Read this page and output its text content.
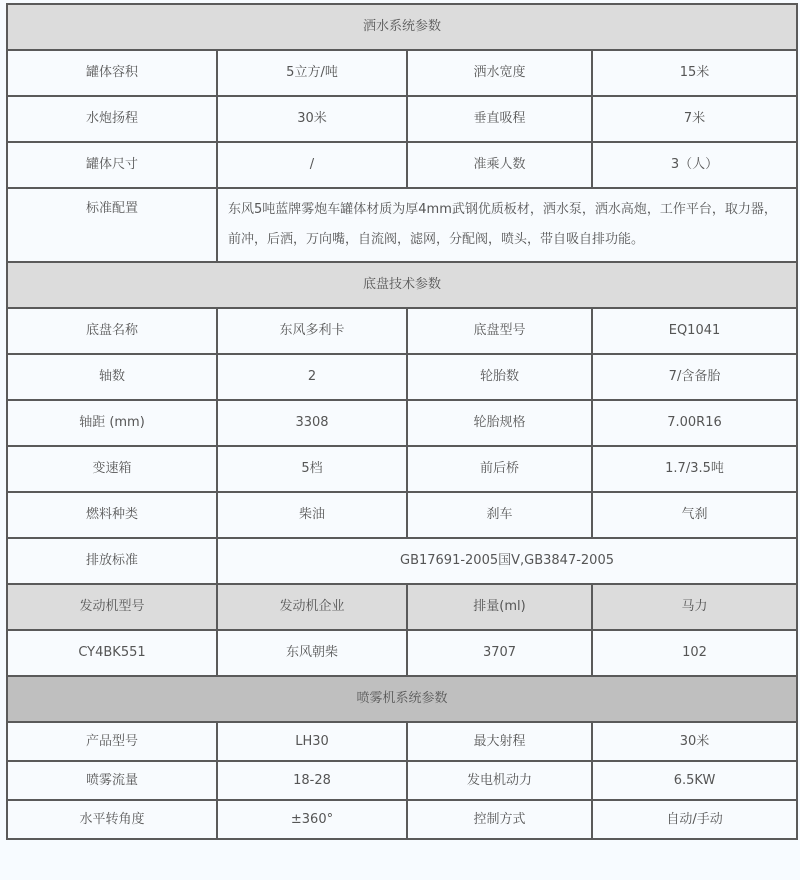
洒水系统参数			
罐体容积	5立方/吨	洒水宽度	15米
水炮扬程	30米	垂直吸程	7米
罐体尺寸	/	准乘人数	3（人）
标准配置	东风5吨蓝牌雾炮车罐体材质为厚4mm武钢优质板材，洒水泵，洒水高炮，工作平台，取力器，前冲，后洒，万向嘴，自流阀，滤网，分配阀，喷头，带自吸自排功能。		
底盘技术参数			
底盘名称	东风多利卡	底盘型号	EQ1041
轴数	2	轮胎数	7/含备胎
轴距 (mm)	3308	轮胎规格	7.00R16
变速箱	5档	前后桥	1.7/3.5吨
燃料种类	柴油	刹车	气刹
排放标准	GB17691-2005国Ⅴ,GB3847-2005		
发动机型号	发动机企业	排量(ml)	马力
CY4BK551	东风朝柴	3707	102
喷雾机系统参数			
产品型号	LH30	最大射程	30米
喷雾流量	18-28	发电机动力	6.5KW
水平转角度	±360°	控制方式	自动/手动
